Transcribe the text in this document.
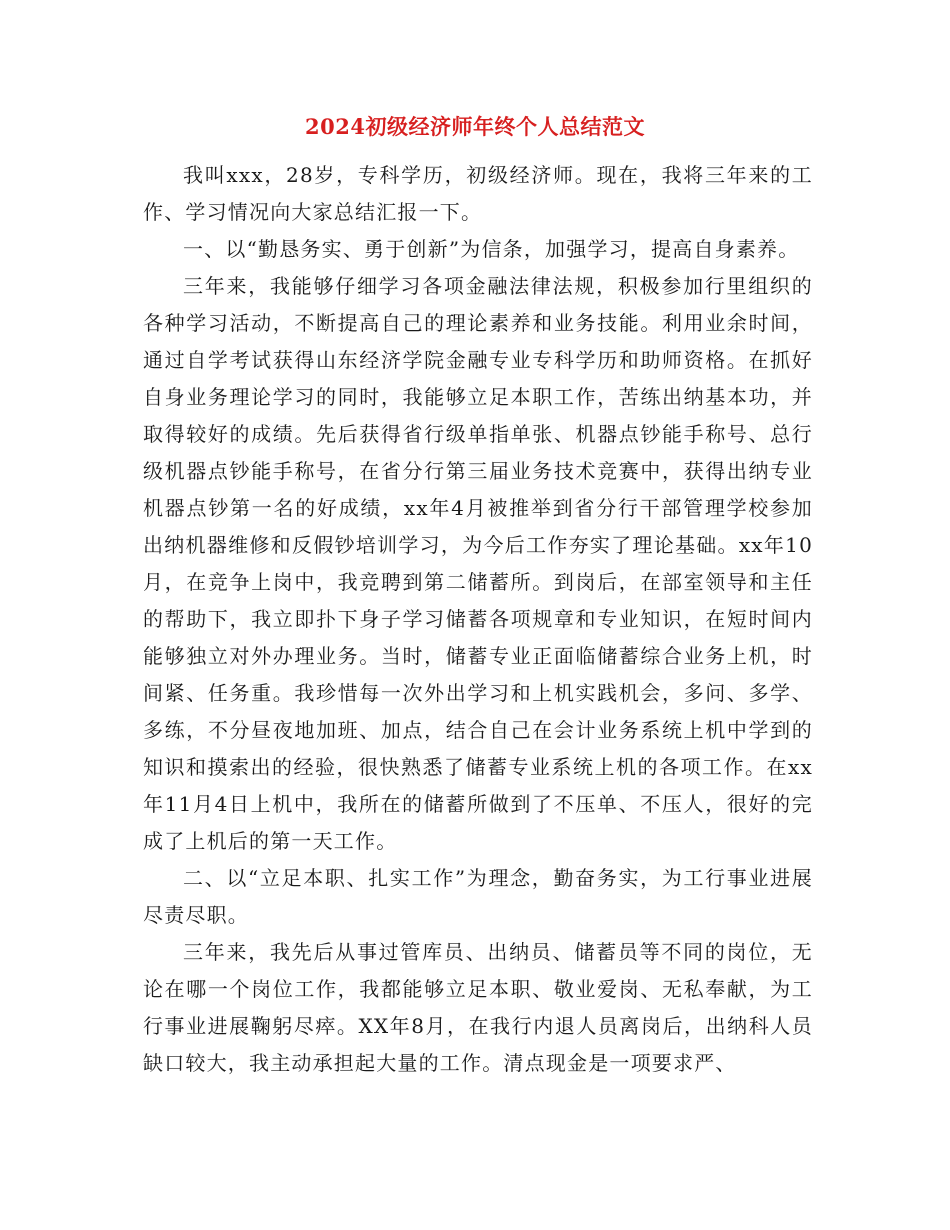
2024初级经济师年终个人总结范文

我叫xxx，28岁，专科学历，初级经济师。现在，我将三年来的工作、学习情况向大家总结汇报一下。

一、以“勤恳务实、勇于创新”为信条，加强学习，提高自身素养。

三年来，我能够仔细学习各项金融法律法规，积极参加行里组织的各种学习活动，不断提高自己的理论素养和业务技能。利用业余时间，通过自学考试获得山东经济学院金融专业专科学历和助师资格。在抓好自身业务理论学习的同时，我能够立足本职工作，苦练出纳基本功，并取得较好的成绩。先后获得省行级单指单张、机器点钞能手称号、总行级机器点钞能手称号，在省分行第三届业务技术竞赛中，获得出纳专业机器点钞第一名的好成绩，xx年4月被推举到省分行干部管理学校参加出纳机器维修和反假钞培训学习，为今后工作夯实了理论基础。xx年10月，在竞争上岗中，我竞聘到第二储蓄所。到岗后，在部室领导和主任的帮助下，我立即扑下身子学习储蓄各项规章和专业知识，在短时间内能够独立对外办理业务。当时，储蓄专业正面临储蓄综合业务上机，时间紧、任务重。我珍惜每一次外出学习和上机实践机会，多问、多学、多练，不分昼夜地加班、加点，结合自己在会计业务系统上机中学到的知识和摸索出的经验，很快熟悉了储蓄专业系统上机的各项工作。在xx年11月4日上机中，我所在的储蓄所做到了不压单、不压人，很好的完成了上机后的第一天工作。

二、以“立足本职、扎实工作”为理念，勤奋务实，为工行事业进展尽责尽职。

三年来，我先后从事过管库员、出纳员、储蓄员等不同的岗位，无论在哪一个岗位工作，我都能够立足本职、敬业爱岗、无私奉献，为工行事业进展鞠躬尽瘁。XX年8月，在我行内退人员离岗后，出纳科人员缺口较大，我主动承担起大量的工作。清点现金是一项要求严、
